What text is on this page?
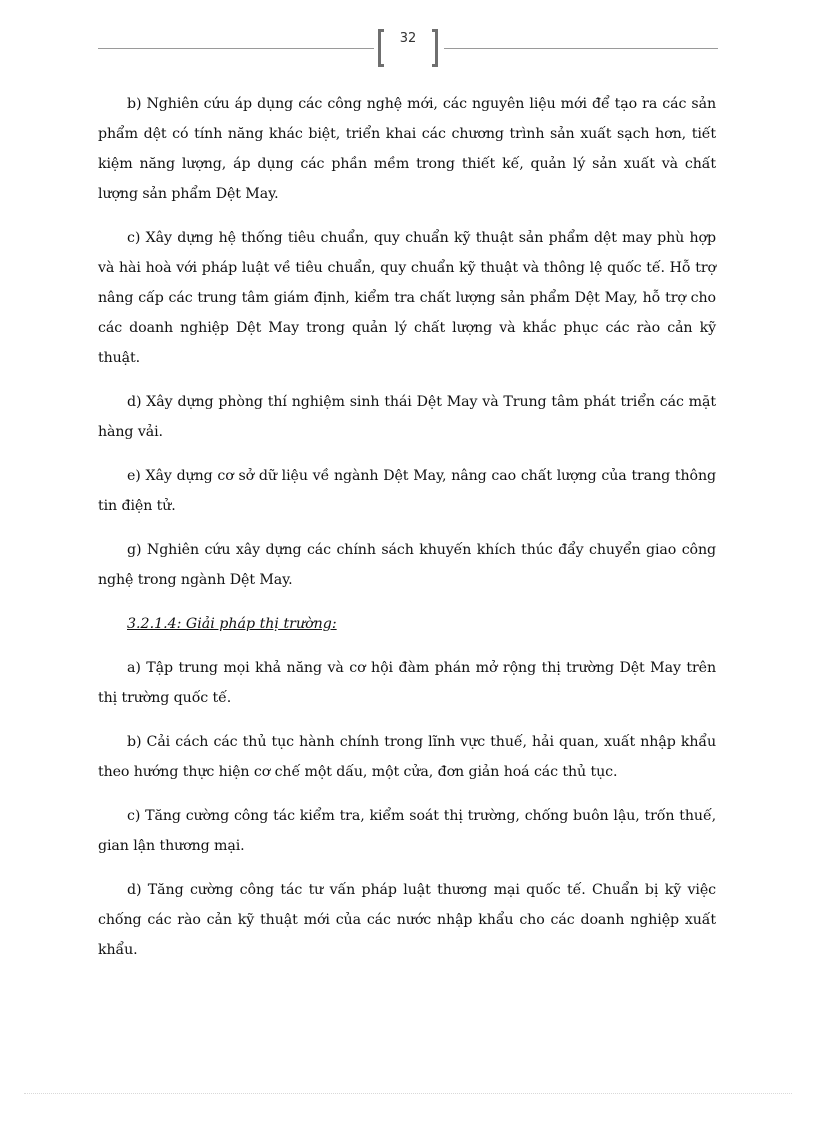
32

b) Nghiên cứu áp dụng các công nghệ mới, các nguyên liệu mới để tạo ra các sản phẩm dệt có tính năng khác biệt, triển khai các chương trình sản xuất sạch hơn, tiết kiệm năng lượng, áp dụng các phần mềm trong thiết kế, quản lý sản xuất và chất lượng sản phẩm Dệt May.

c) Xây dựng hệ thống tiêu chuẩn, quy chuẩn kỹ thuật sản phẩm dệt may phù hợp và hài hoà với pháp luật về tiêu chuẩn, quy chuẩn kỹ thuật và thông lệ quốc tế. Hỗ trợ nâng cấp các trung tâm giám định, kiểm tra chất lượng sản phẩm Dệt May, hỗ trợ cho các doanh nghiệp Dệt May trong quản lý chất lượng và khắc phục các rào cản kỹ thuật.

d) Xây dựng phòng thí nghiệm sinh thái Dệt May và Trung tâm phát triển các mặt hàng vải.

e) Xây dựng cơ sở dữ liệu về ngành Dệt May, nâng cao chất lượng của trang thông tin điện tử.

g) Nghiên cứu xây dựng các chính sách khuyến khích thúc đẩy chuyển giao công nghệ trong ngành Dệt May.

3.2.1.4: Giải pháp thị trường:

a) Tập trung mọi khả năng và cơ hội đàm phán mở rộng thị trường Dệt May trên thị trường quốc tế.

b) Cải cách các thủ tục hành chính trong lĩnh vực thuế, hải quan, xuất nhập khẩu theo hướng thực hiện cơ chế một dấu, một cửa, đơn giản hoá các thủ tục.

c) Tăng cường công tác kiểm tra, kiểm soát thị trường, chống buôn lậu, trốn thuế, gian lận thương mại.

d) Tăng cường công tác tư vấn pháp luật thương mại quốc tế. Chuẩn bị kỹ việc chống các rào cản kỹ thuật mới của các nước nhập khẩu cho các doanh nghiệp xuất khẩu.
